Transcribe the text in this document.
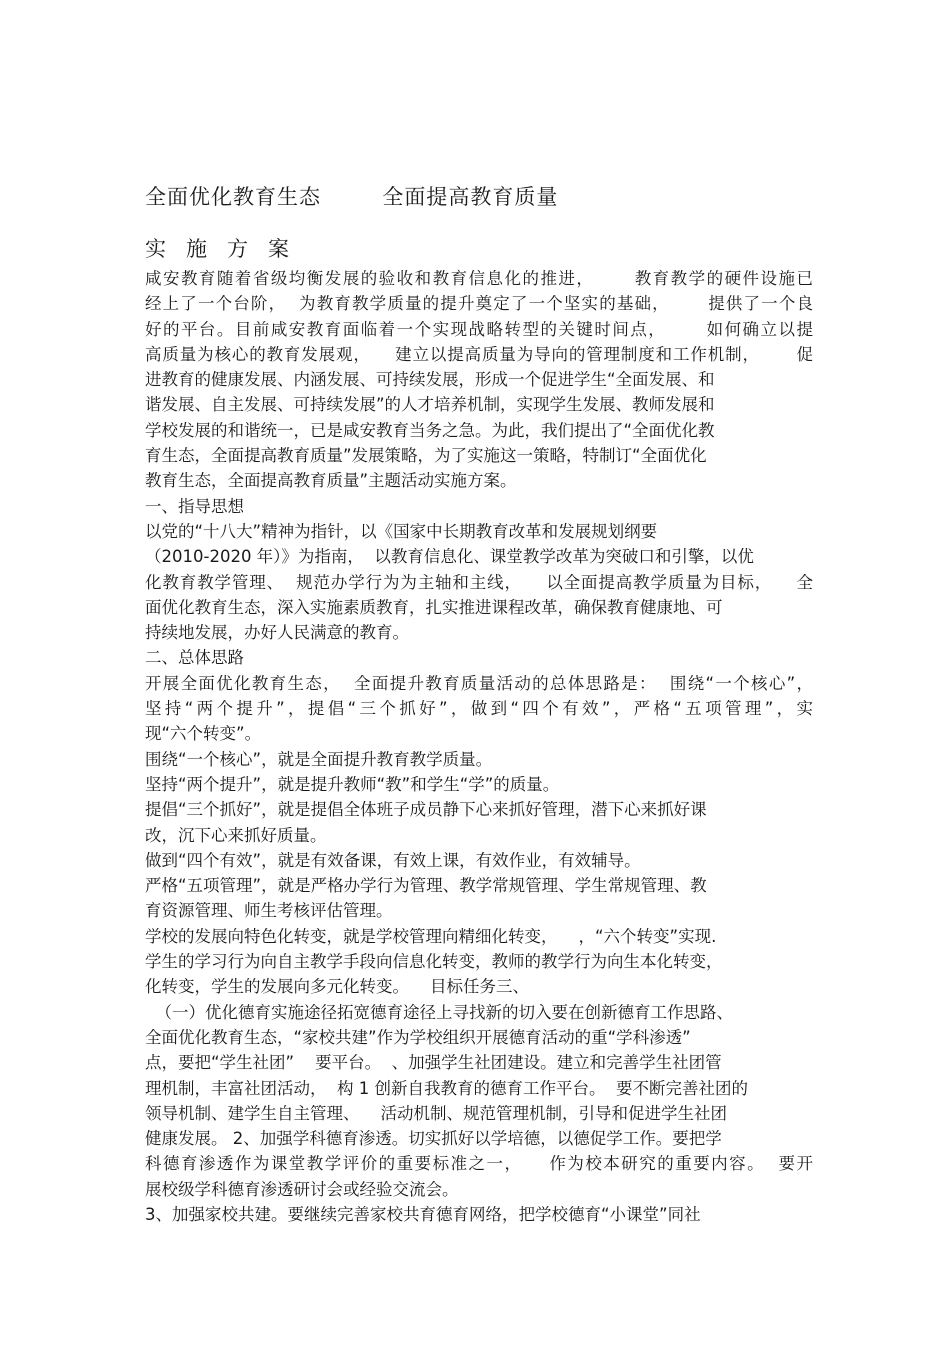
全面优化教育生态        全面提高教育质量
实施方案
咸安教育随着省级均衡发展的验收和教育信息化的推进，      教育教学的硬件设施已
经上了一个台阶，  为教育教学质量的提升奠定了一个坚实的基础，      提供了一个良
好的平台。目前咸安教育面临着一个实现战略转型的关键时间点，      如何确立以提
高质量为核心的教育发展观，    建立以提高质量为导向的管理制度和工作机制，      促
进教育的健康发展、内涵发展、可持续发展，形成一个促进学生“全面发展、和
谐发展、自主发展、可持续发展”的人才培养机制，实现学生发展、教师发展和
学校发展的和谐统一，已是咸安教育当务之急。为此，我们提出了“全面优化教
育生态，全面提高教育质量”发展策略，为了实施这一策略，特制订“全面优化
教育生态，全面提高教育质量”主题活动实施方案。
一、指导思想
以党的“十八大”精神为指针，以《国家中长期教育改革和发展规划纲要
（2010-2020 年）》为指南，  以教育信息化、课堂教学改革为突破口和引擎，以优
化教育教学管理、  规范办学行为为主轴和主线，    以全面提高教学质量为目标，    全
面优化教育生态，深入实施素质教育，扎实推进课程改革，确保教育健康地、可
持续地发展，办好人民满意的教育。
二、总体思路
开展全面优化教育生态，  全面提升教育质量活动的总体思路是：  围绕“一个核心”，
坚持“两个提升”，提倡“三个抓好”，做到“四个有效”，严格“五项管理”，实
现“六个转变”。
围绕“一个核心”，就是全面提升教育教学质量。
坚持“两个提升”，就是提升教师“教”和学生“学”的质量。
提倡“三个抓好”，就是提倡全体班子成员静下心来抓好管理，潜下心来抓好课
改，沉下心来抓好质量。
做到“四个有效”，就是有效备课，有效上课，有效作业，有效辅导。
严格“五项管理”，就是严格办学行为管理、教学常规管理、学生常规管理、教
育资源管理、师生考核评估管理。
学校的发展向特色化转变，就是学校管理向精细化转变，    ，“六个转变”实现.
学生的学习行为向自主教学手段向信息化转变，教师的教学行为向生本化转变，
化转变，学生的发展向多元化转变。    目标任务三、
（一）优化德育实施途径拓宽德育途径上寻找新的切入要在创新德育工作思路、
全面优化教育生态，“家校共建”作为学校组织开展德育活动的重“学科渗透”
点，要把“学生社团”    要平台。  、加强学生社团建设。建立和完善学生社团管
理机制，丰富社团活动，  构 1 创新自我教育的德育工作平台。  要不断完善社团的
领导机制、建学生自主管理、    活动机制、规范管理机制，引导和促进学生社团
健康发展。 2、加强学科德育渗透。切实抓好以学培德，以德促学工作。要把学
科德育渗透作为课堂教学评价的重要标准之一，    作为校本研究的重要内容。  要开
展校级学科德育渗透研讨会或经验交流会。
3、加强家校共建。要继续完善家校共育德育网络，把学校德育“小课堂”同社
